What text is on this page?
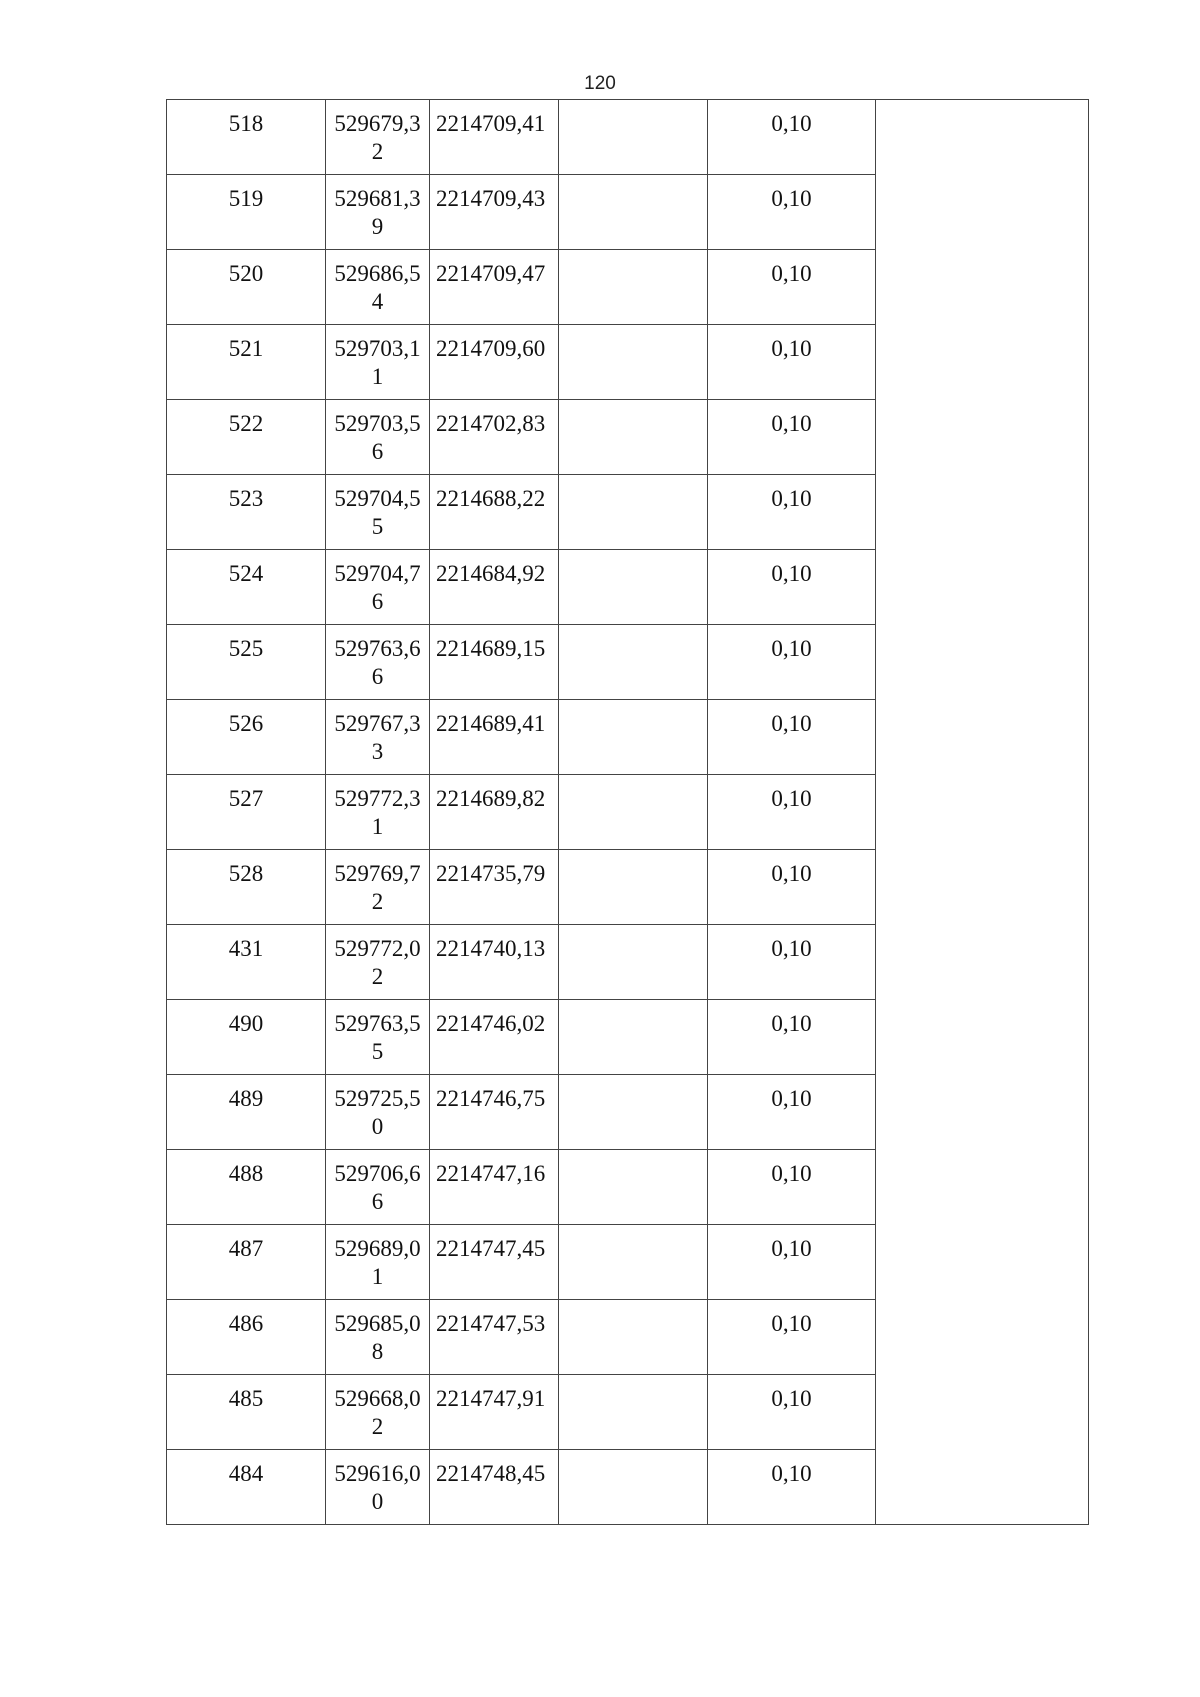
120
518	529679,32	2214709,41		0,10	
519	529681,39	2214709,43		0,10	
520	529686,54	2214709,47		0,10	
521	529703,11	2214709,60		0,10	
522	529703,56	2214702,83		0,10	
523	529704,55	2214688,22		0,10	
524	529704,76	2214684,92		0,10	
525	529763,66	2214689,15		0,10	
526	529767,33	2214689,41		0,10	
527	529772,31	2214689,82		0,10	
528	529769,72	2214735,79		0,10	
431	529772,02	2214740,13		0,10	
490	529763,55	2214746,02		0,10	
489	529725,50	2214746,75		0,10	
488	529706,66	2214747,16		0,10	
487	529689,01	2214747,45		0,10	
486	529685,08	2214747,53		0,10	
485	529668,02	2214747,91		0,10	
484	529616,00	2214748,45		0,10	
